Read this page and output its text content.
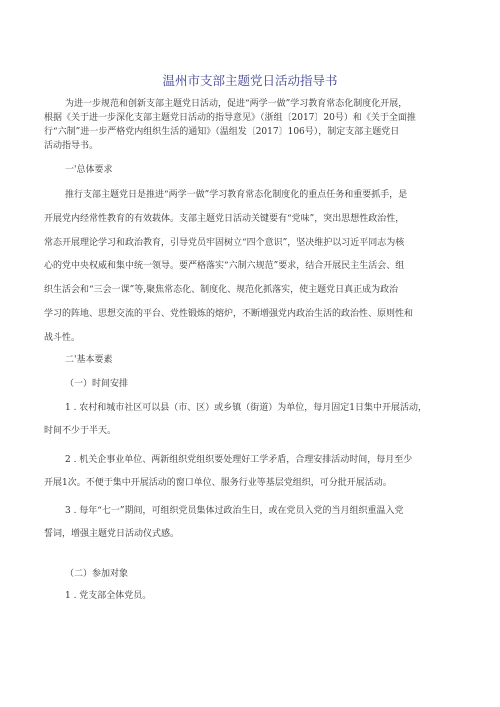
温州市支部主题党日活动指导书

为进一步规范和创新支部主题党日活动，促进“两学一做”学习教育常态化制度化开展，
根据《关于进一步深化支部主题党日活动的指导意见》（浙组〔2017〕20号）和《关于全面推
行“六制”进一步严格党内组织生活的通知》（温组发〔2017〕106号），制定支部主题党日
活动指导书。

一'总体要求

推行支部主题党日是推进“两学一做”学习教育常态化制度化的重点任务和重要抓手，是
开展党内经常性教育的有效载体。支部主题党日活动关键要有“党味”，突出思想性政治性，
常态开展理论学习和政治教育，引导党员牢固树立“四个意识”，坚决维护以习近平同志为核
心的党中央权威和集中统一领导。要严格落实“六制六规范”要求，结合开展民主生活会、组
织生活会和“三会一课”等,聚焦常态化、制度化、规范化抓落实，使主题党日真正成为政治
学习的阵地、思想交流的平台、党性锻炼的熔炉，不断增强党内政治生活的政治性、原则性和
战斗性。

二'基本要素

（一）时间安排

1 . 农村和城市社区可以县（市、区）或乡镇（街道）为单位，每月固定1日集中开展活动，
时间不少于半天。

2 . 机关企事业单位、两新组织党组织要处理好工学矛盾，合理安排活动时间，每月至少
开展1次。不便于集中开展活动的窗口单位、服务行业等基层党组织，可分批开展活动。

3 . 每年“七一”期间，可组织党员集体过政治生日，或在党员入党的当月组织重温入党
誓词，增强主题党日活动仪式感。

（二）参加对象

1 . 党支部全体党员。
